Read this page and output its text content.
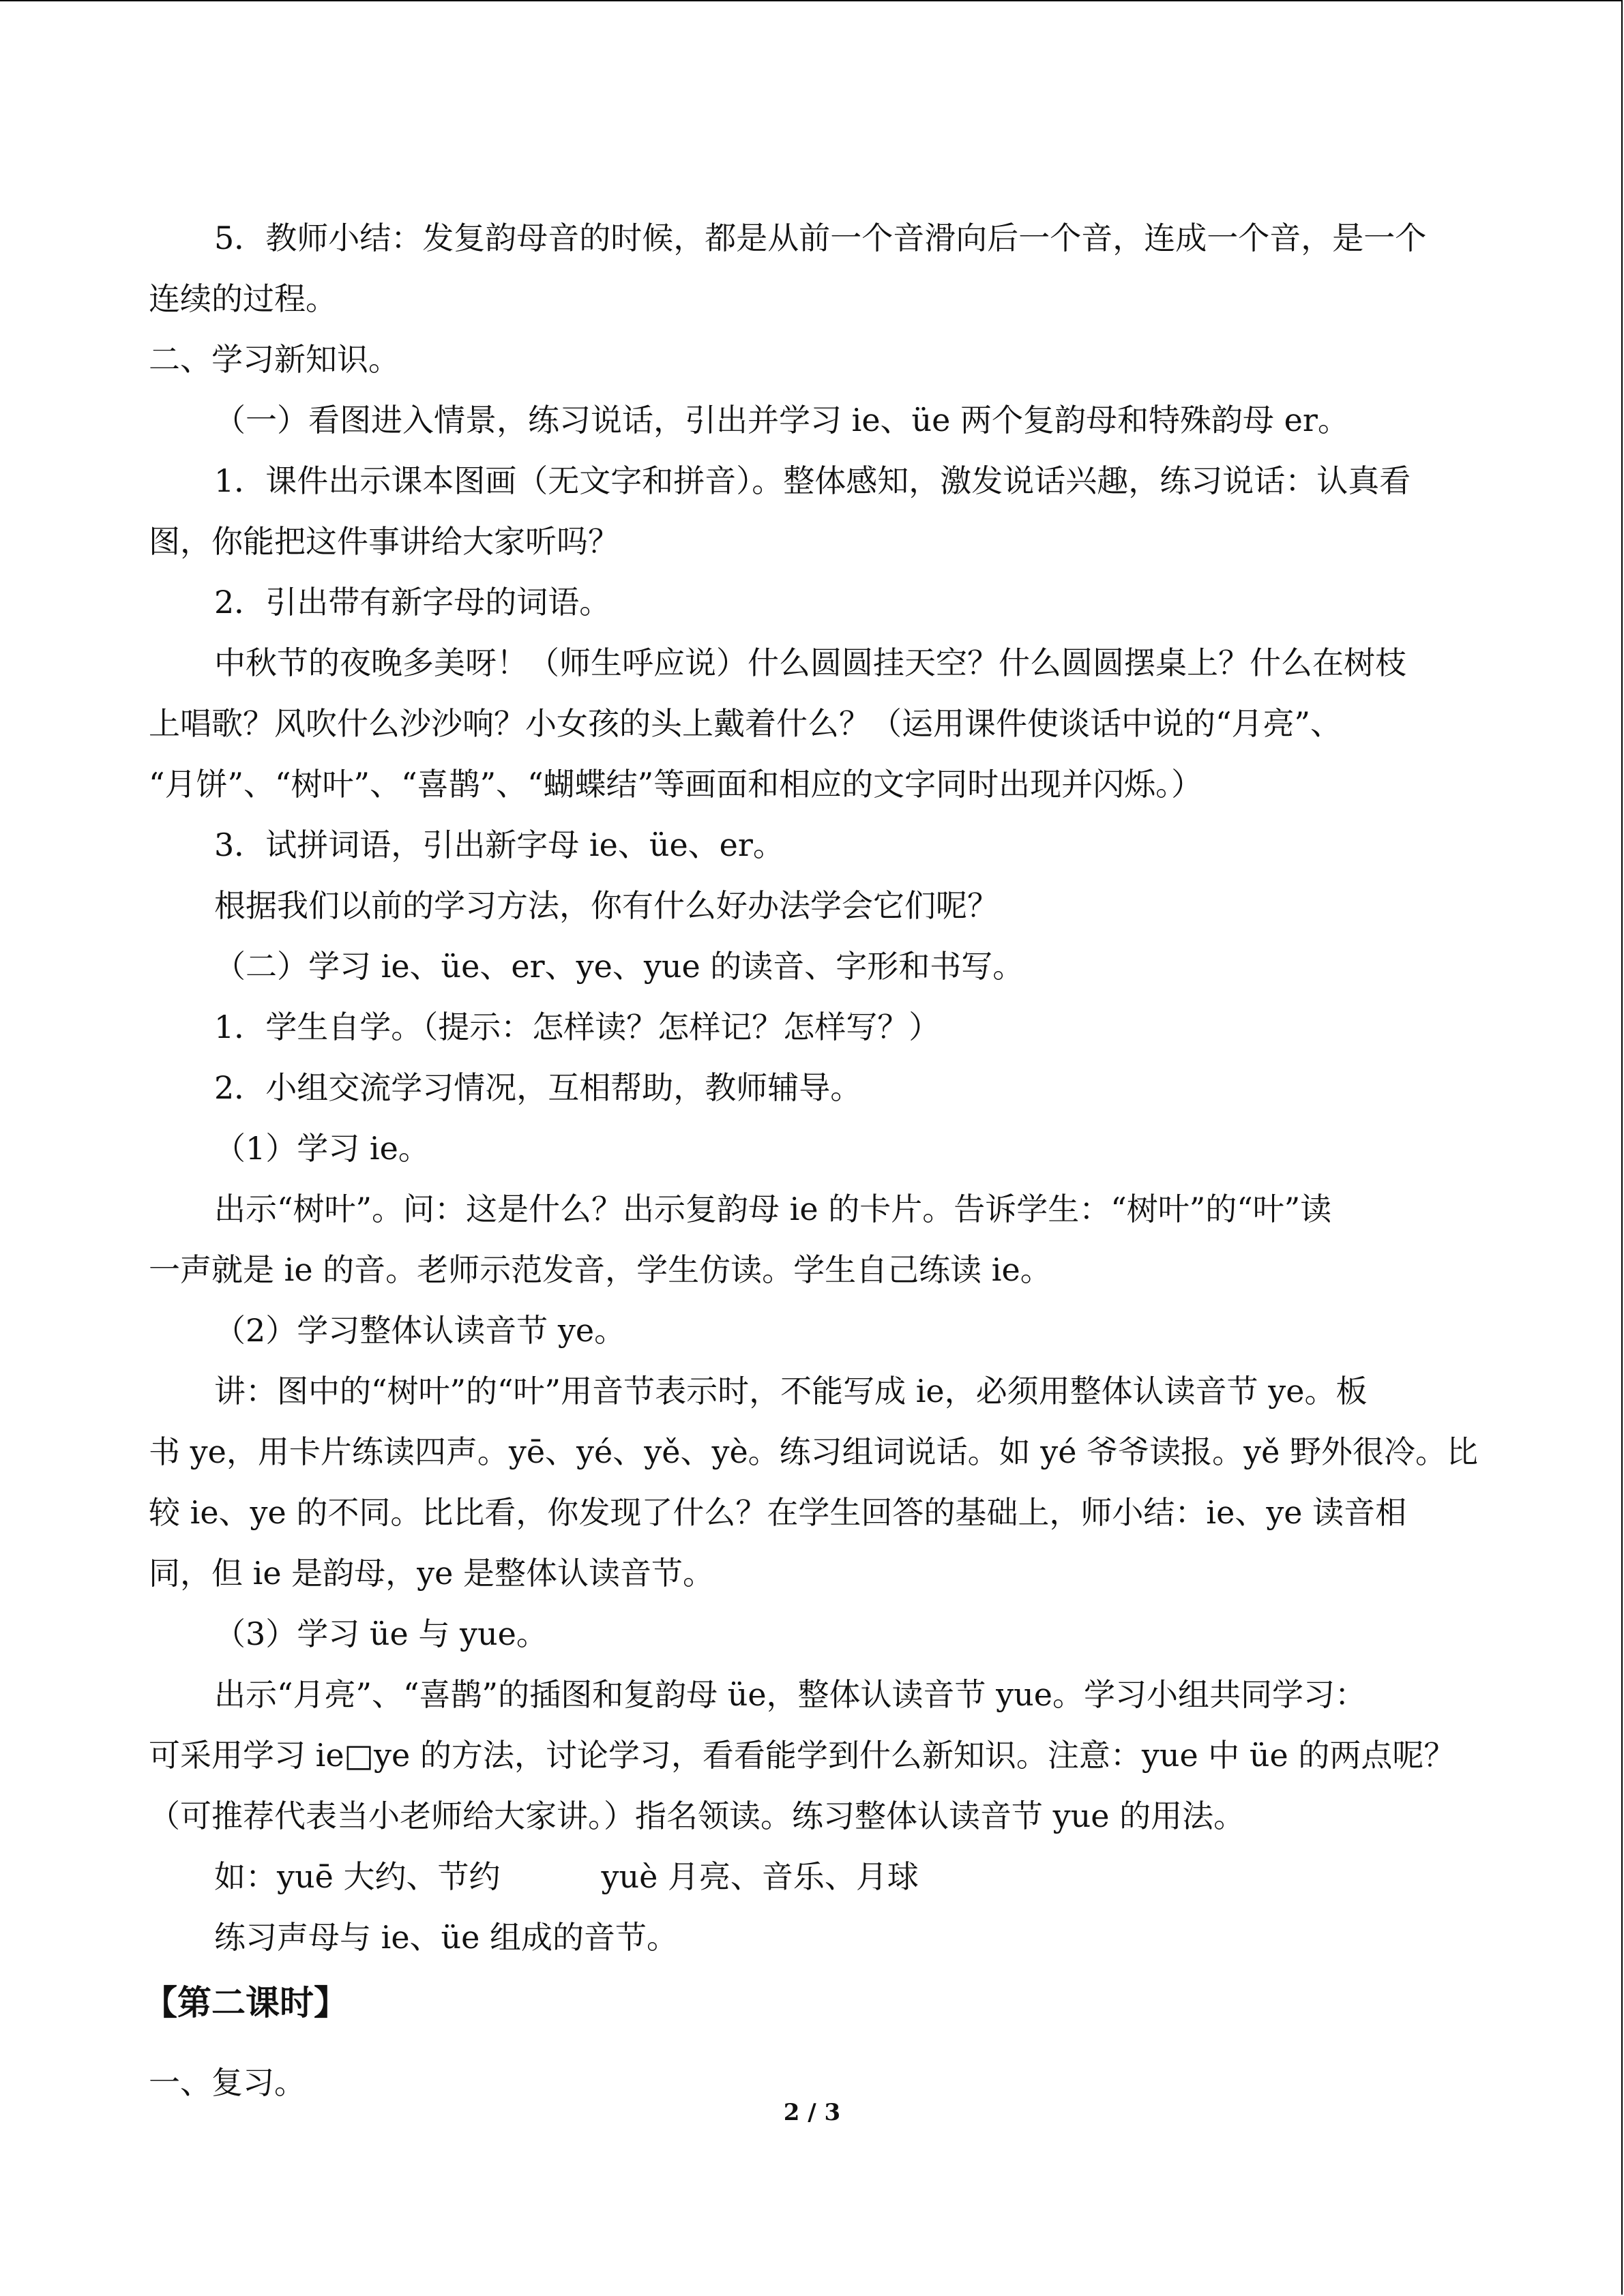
5．教师小结：发复韵母音的时候，都是从前一个音滑向后一个音，连成一个音，是一个

连续的过程。

二、学习新知识。

（一）看图进入情景，练习说话，引出并学习 ie、üe 两个复韵母和特殊韵母 er。

1．课件出示课本图画（无文字和拼音）。整体感知，激发说话兴趣，练习说话：认真看

图，你能把这件事讲给大家听吗？

2．引出带有新字母的词语。

中秋节的夜晚多美呀！（师生呼应说）什么圆圆挂天空？什么圆圆摆桌上？什么在树枝

上唱歌？风吹什么沙沙响？小女孩的头上戴着什么？（运用课件使谈话中说的“月亮”、

“月饼”、“树叶”、“喜鹊”、“蝴蝶结”等画面和相应的文字同时出现并闪烁。）

3．试拼词语，引出新字母 ie、üe、er。

根据我们以前的学习方法，你有什么好办法学会它们呢？

（二）学习 ie、üe、er、ye、yue 的读音、字形和书写。

1．学生自学。（提示：怎样读？怎样记？怎样写？）

2．小组交流学习情况，互相帮助，教师辅导。

（1）学习 ie。

出示“树叶”。问：这是什么？出示复韵母 ie 的卡片。告诉学生：“树叶”的“叶”读

一声就是 ie 的音。老师示范发音，学生仿读。学生自己练读 ie。

（2）学习整体认读音节 ye。

讲：图中的“树叶”的“叶”用音节表示时，不能写成 ie，必须用整体认读音节 ye。板

书 ye，用卡片练读四声。yē、yé、yě、yè。练习组词说话。如 yé 爷爷读报。yě 野外很冷。比

较 ie、ye 的不同。比比看，你发现了什么？在学生回答的基础上，师小结：ie、ye 读音相

同，但 ie 是韵母，ye 是整体认读音节。

（3）学习 üe 与 yue。

出示“月亮”、“喜鹊”的插图和复韵母 üe，整体认读音节 yue。学习小组共同学习：

可采用学习 ie□ye 的方法，讨论学习，看看能学到什么新知识。注意：yue 中 üe 的两点呢？

（可推荐代表当小老师给大家讲。）指名领读。练习整体认读音节 yue 的用法。

如：yuē 大约、节约	yuè 月亮、音乐、月球

练习声母与 ie、üe 组成的音节。

【第二课时】

一、复习。

2 / 3
